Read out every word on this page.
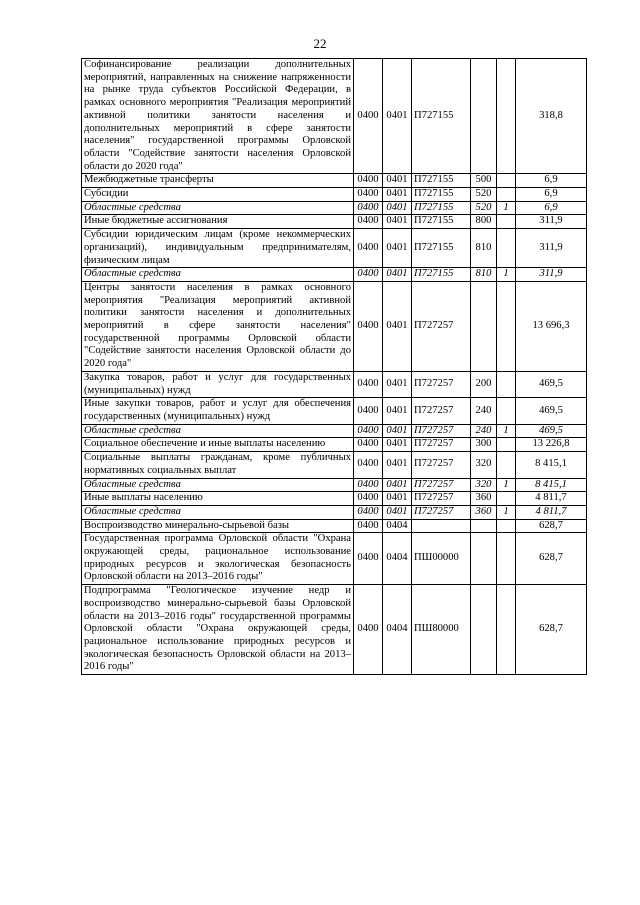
22
Софинансирование реализации дополнительных мероприятий, направленных на снижение напряженности на рынке труда субъектов Российской Федерации, в рамках основного мероприятия "Реализация мероприятий активной политики занятости населения и дополнительных мероприятий в сфере занятости населения" государственной программы Орловской области "Содействие занятости населения Орловской области до 2020 года"	0400	0401	П727155			318,8
Межбюджетные трансферты	0400	0401	П727155	500		6,9
Субсидии	0400	0401	П727155	520		6,9
Областные средства	0400	0401	П727155	520	1	6,9
Иные бюджетные ассигнования	0400	0401	П727155	800		311,9
Субсидии юридическим лицам (кроме некоммерческих организаций), индивидуальным предпринимателям, физическим лицам	0400	0401	П727155	810		311,9
Областные средства	0400	0401	П727155	810	1	311,9
Центры занятости населения в рамках основного мероприятия "Реализация мероприятий активной политики занятости населения и дополнительных мероприятий в сфере занятости населения" государственной программы Орловской области "Содействие занятости населения Орловской области до 2020 года"	0400	0401	П727257			13 696,3
Закупка товаров, работ и услуг для государственных (муниципальных) нужд	0400	0401	П727257	200		469,5
Иные закупки товаров, работ и услуг для обеспечения государственных (муниципальных) нужд	0400	0401	П727257	240		469,5
Областные средства	0400	0401	П727257	240	1	469,5
Социальное обеспечение и иные выплаты населению	0400	0401	П727257	300		13 226,8
Социальные выплаты гражданам, кроме публичных нормативных социальных выплат	0400	0401	П727257	320		8 415,1
Областные средства	0400	0401	П727257	320	1	8 415,1
Иные выплаты населению	0400	0401	П727257	360		4 811,7
Областные средства	0400	0401	П727257	360	1	4 811,7
Воспроизводство минерально-сырьевой базы	0400	0404				628,7
Государственная программа Орловской области "Охрана окружающей среды, рациональное использование природных ресурсов и экологическая безопасность Орловской области на 2013–2016 годы"	0400	0404	ПШ00000			628,7
Подпрограмма "Геологическое изучение недр и воспроизводство минерально-сырьевой базы Орловской области на 2013–2016 годы" государственной программы Орловской области "Охрана окружающей среды, рациональное использование природных ресурсов и экологическая безопасность Орловской области на 2013–2016 годы"	0400	0404	ПШ80000			628,7
